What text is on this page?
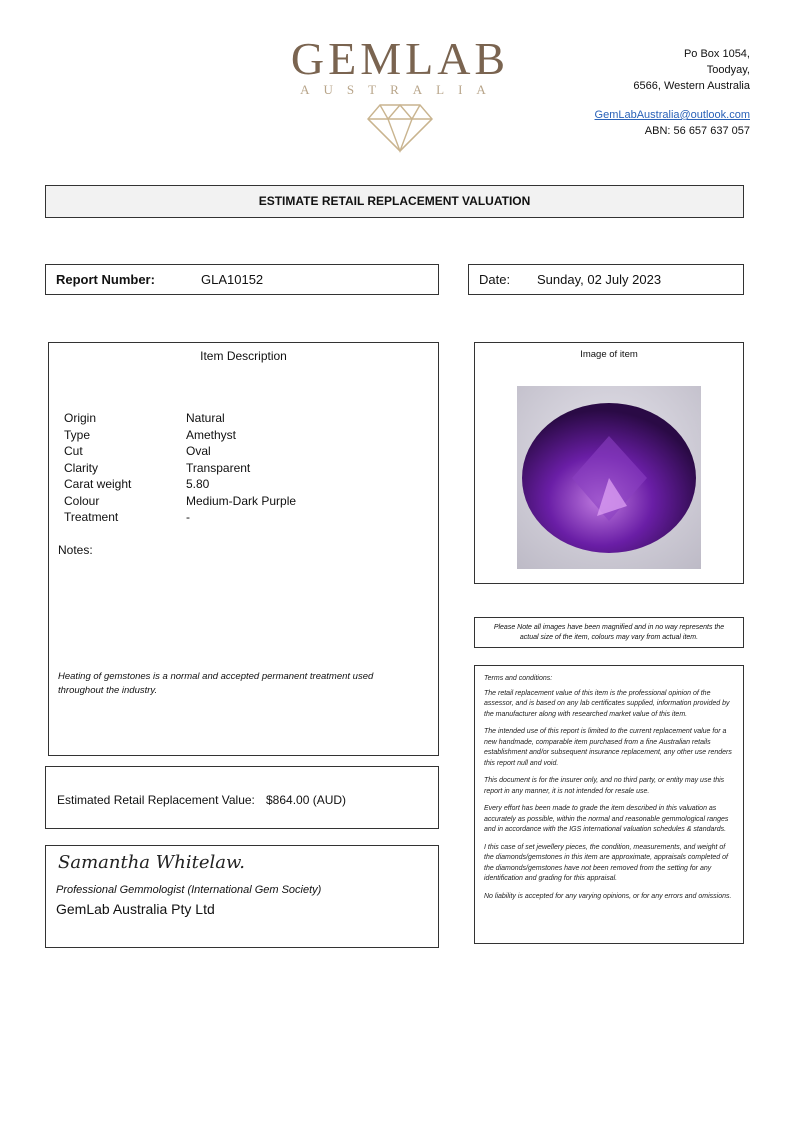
GEMLAB
AUSTRALIA
Po Box 1054,
Toodyay,
6566, Western Australia
GemLabAustralia@outlook.com
ABN: 56 657 637 057
ESTIMATE RETAIL REPLACEMENT VALUATION
Report Number:	GLA10152	Date: Sunday, 02 July 2023
Item Description
Origin	Natural
Type	Amethyst
Cut	Oval
Clarity	Transparent
Carat weight	5.80
Colour	Medium-Dark Purple
Treatment	-
Notes:
Heating of gemstones is a normal and accepted permanent treatment used throughout the industry.
Image of item
Please Note all images have been magnified and in no way represents the actual size of the item, colours may vary from actual item.

Terms and conditions:

The retail replacement value of this item is the professional opinion of the assessor, and is based on any lab certificates supplied, information provided by the manufacturer along with researched market value of this item.

The intended use of this report is limited to the current replacement value for a new handmade, comparable item purchased from a fine Australian retails establishment and/or subsequent insurance replacement, any other use renders this report null and void.

This document is for the insurer only, and no third party, or entity may use this report in any manner, it is not intended for resale use.

Every effort has been made to grade the item described in this valuation as accurately as possible, within the normal and reasonable gemmological ranges and in accordance with the IGS international valuation schedules & standards.

I this case of set jewellery pieces, the condition, measurements, and weight of the diamonds/gemstones in this item are approximate, appraisals completed of the diamonds/gemstones have not been removed from the setting for any identification and grading for this appraisal.

No liability is accepted for any varying opinions, or for any errors and omissions.

Estimated Retail Replacement Value: $864.00 (AUD)
Samantha Whitelaw.
Professional Gemmologist (International Gem Society)
GemLab Australia Pty Ltd
